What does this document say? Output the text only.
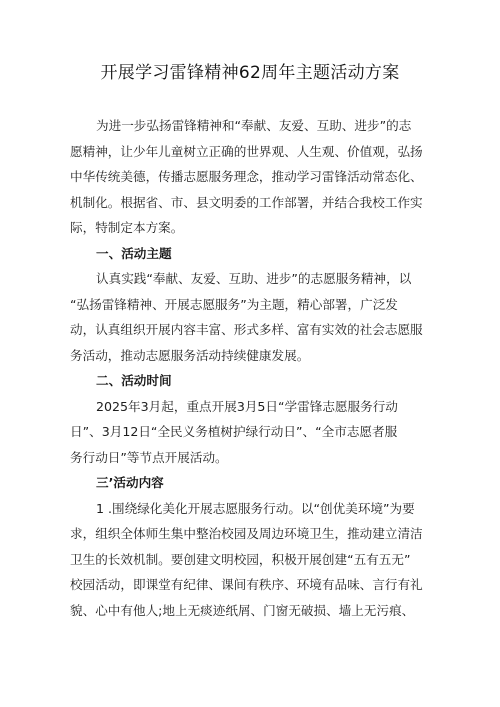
开展学习雷锋精神62周年主题活动方案
为进一步弘扬雷锋精神和“奉献、友爱、互助、进步”的志
愿精神，让少年儿童树立正确的世界观、人生观、价值观，弘扬
中华传统美德，传播志愿服务理念，推动学习雷锋活动常态化、
机制化。根据省、市、县文明委的工作部署，并结合我校工作实
际，特制定本方案。
一、活动主题
认真实践“奉献、友爱、互助、进步”的志愿服务精神，以
“弘扬雷锋精神、开展志愿服务”为主题，精心部署，广泛发
动，认真组织开展内容丰富、形式多样、富有实效的社会志愿服
务活动，推动志愿服务活动持续健康发展。
二、活动时间
2025年3月起，重点开展3月5日“学雷锋志愿服务行动
日”、3月12日“全民义务植树护绿行动日”、“全市志愿者服
务行动日”等节点开展活动。
三’活动内容
1 .围绕绿化美化开展志愿服务行动。以“创优美环境”为要
求，组织全体师生集中整治校园及周边环境卫生，推动建立清洁
卫生的长效机制。要创建文明校园，积极开展创建“五有五无”
校园活动，即课堂有纪律、课间有秩序、环境有品味、言行有礼
貌、心中有他人;地上无痰迹纸屑、门窗无破损、墙上无污痕、
